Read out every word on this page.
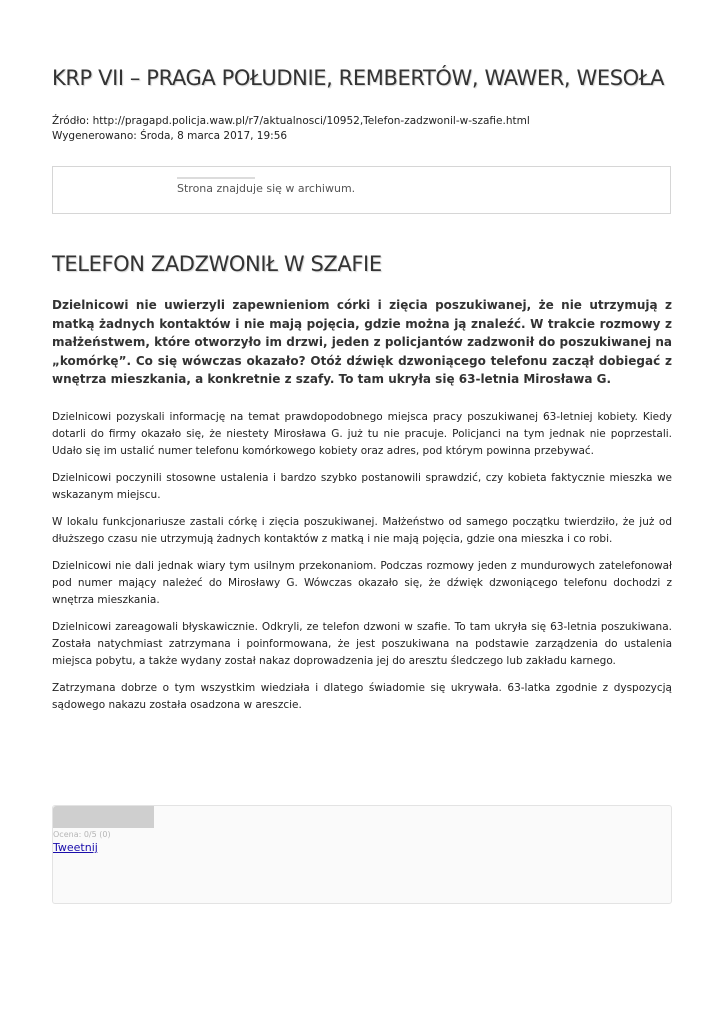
KRP VII – PRAGA POŁUDNIE, REMBERTÓW, WAWER, WESOŁA
Źródło: http://pragapd.policja.waw.pl/r7/aktualnosci/10952,Telefon-zadzwonil-w-szafie.html
Wygenerowano: Środa, 8 marca 2017, 19:56
Strona znajduje się w archiwum.
TELEFON ZADZWONIŁ W SZAFIE

Dzielnicowi nie uwierzyli zapewnieniom córki i zięcia poszukiwanej, że nie utrzymują z matką żadnych kontaktów i nie mają pojęcia, gdzie można ją znaleźć. W trakcie rozmowy z małżeństwem, które otworzyło im drzwi, jeden z policjantów zadzwonił do poszukiwanej na „komórkę”. Co się wówczas okazało? Otóż dźwięk dzwoniącego telefonu zaczął dobiegać z wnętrza mieszkania, a konkretnie z szafy. To tam ukryła się 63-letnia Mirosława G.

Dzielnicowi pozyskali informację na temat prawdopodobnego miejsca pracy poszukiwanej 63-letniej kobiety. Kiedy dotarli do firmy okazało się, że niestety Mirosława G. już tu nie pracuje. Policjanci na tym jednak nie poprzestali. Udało się im ustalić numer telefonu komórkowego kobiety oraz adres, pod którym powinna przebywać.

Dzielnicowi poczynili stosowne ustalenia i bardzo szybko postanowili sprawdzić, czy kobieta faktycznie mieszka we wskazanym miejscu.

W lokalu funkcjonariusze zastali córkę i zięcia poszukiwanej. Małżeństwo od samego początku twierdziło, że już od dłuższego czasu nie utrzymują żadnych kontaktów z matką i nie mają pojęcia, gdzie ona mieszka i co robi.

Dzielnicowi nie dali jednak wiary tym usilnym przekonaniom. Podczas rozmowy jeden z mundurowych zatelefonował pod numer mający należeć do Mirosławy G. Wówczas okazało się, że dźwięk dzwoniącego telefonu dochodzi z wnętrza mieszkania.

Dzielnicowi zareagowali błyskawicznie. Odkryli, ze telefon dzwoni w szafie. To tam ukryła się 63-letnia poszukiwana. Została natychmiast zatrzymana i poinformowana, że jest poszukiwana na podstawie zarządzenia do ustalenia miejsca pobytu, a także wydany został nakaz doprowadzenia jej do aresztu śledczego lub zakładu karnego.

Zatrzymana dobrze o tym wszystkim wiedziała i dlatego świadomie się ukrywała. 63-latka zgodnie z dyspozycją sądowego nakazu została osadzona w areszcie.

Ocena: 0/5 (0)
Tweetnij
